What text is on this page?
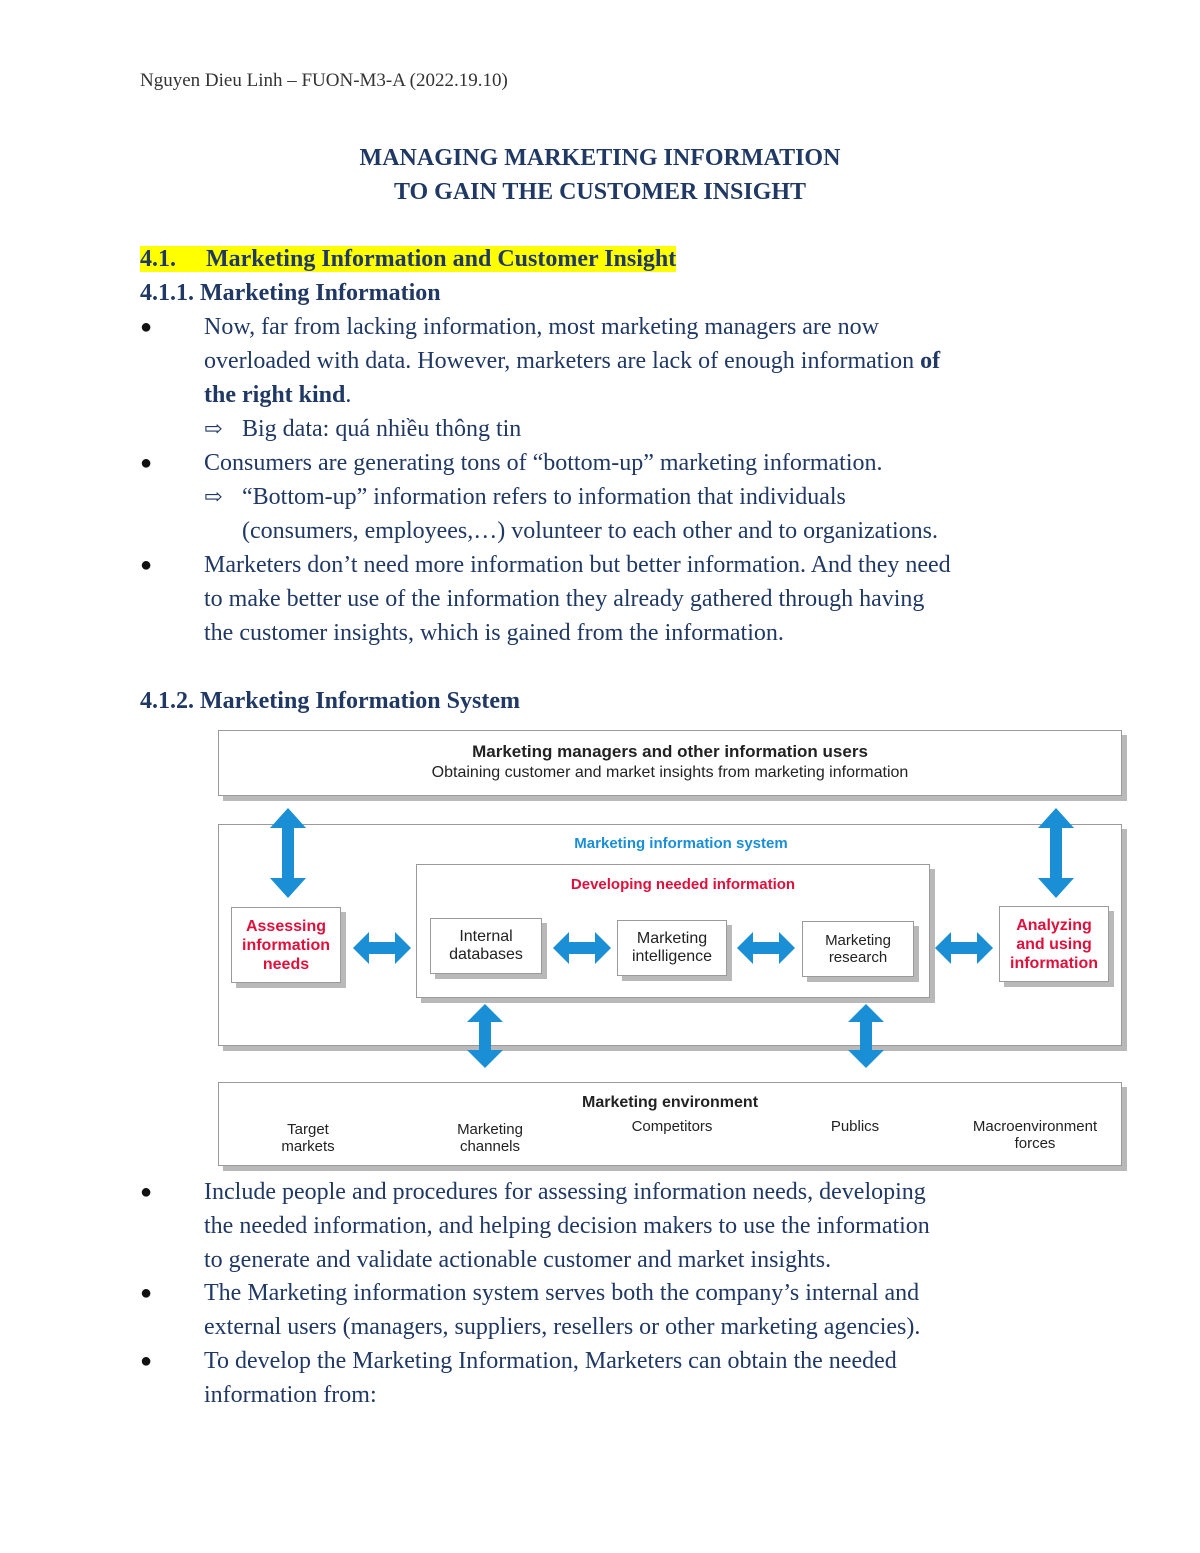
Nguyen Dieu Linh – FUON-M3-A (2022.19.10)
MANAGING MARKETING INFORMATION
TO GAIN THE CUSTOMER INSIGHT
4.1. Marketing Information and Customer Insight
4.1.1. Marketing Information
● Now, far from lacking information, most marketing managers are now
overloaded with data. However, marketers are lack of enough information of
the right kind.
⇨ Big data: quá nhiều thông tin
● Consumers are generating tons of “bottom-up” marketing information.
⇨ “Bottom-up” information refers to information that individuals
(consumers, employees,…) volunteer to each other and to organizations.
● Marketers don’t need more information but better information. And they need
to make better use of the information they already gathered through having
the customer insights, which is gained from the information.
4.1.2. Marketing Information System
Marketing managers and other information users
Obtaining customer and market insights from marketing information
Marketing information system
Developing needed information
Internal databases
Marketing intelligence
Marketing research
Assessing information needs
Analyzing and using information
Marketing environment
Target markets
Marketing channels
Competitors	Publics	Macroenvironment forces
● Include people and procedures for assessing information needs, developing
the needed information, and helping decision makers to use the information
to generate and validate actionable customer and market insights.
● The Marketing information system serves both the company’s internal and
external users (managers, suppliers, resellers or other marketing agencies).
● To develop the Marketing Information, Marketers can obtain the needed
information from:
